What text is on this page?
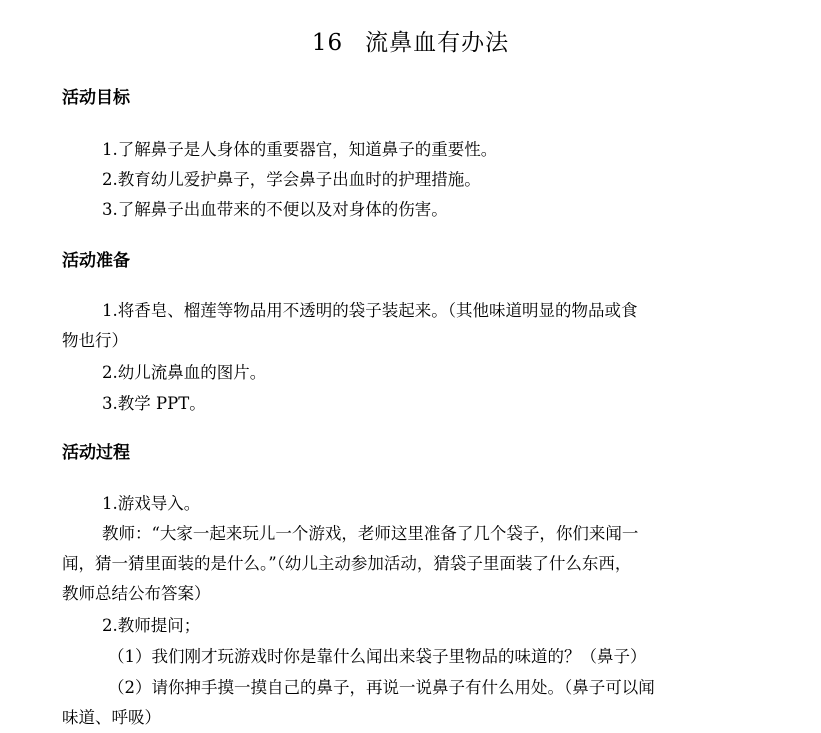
16 流鼻血有办法
活动目标
1.了解鼻子是人身体的重要器官，知道鼻子的重要性。
2.教育幼儿爱护鼻子，学会鼻子出血时的护理措施。
3.了解鼻子出血带来的不便以及对身体的伤害。
活动准备
1.将香皂、榴莲等物品用不透明的袋子装起来。（其他味道明显的物品或食
物也行）
2.幼儿流鼻血的图片。
3.教学 PPT。
活动过程
1.游戏导入。
教师：“大家一起来玩儿一个游戏，老师这里准备了几个袋子，你们来闻一
闻，猜一猜里面装的是什么。”（幼儿主动参加活动，猜袋子里面装了什么东西，
教师总结公布答案）
2.教师提问；
（1）我们刚才玩游戏时你是靠什么闻出来袋子里物品的味道的？（鼻子）
（2）请你抻手摸一摸自己的鼻子，再说一说鼻子有什么用处。（鼻子可以闻
味道、呼吸）
